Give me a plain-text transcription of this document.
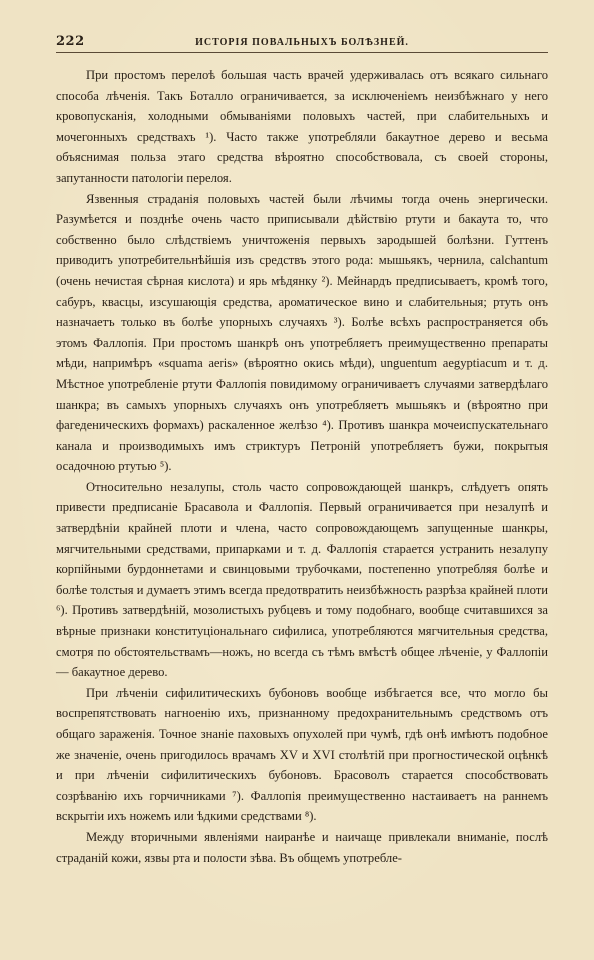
222	ИСТОРІЯ ПОВАЛЬНЫХЪ БОЛѢЗНЕЙ.

При простомъ перелоѣ большая часть врачей удерживалась отъ всякаго сильнаго способа лѣченія. Такъ Боталло ограничивается, за исключеніемъ неизбѣжнаго у него кровопусканія, холодными обмываніями половыхъ частей, при слабительныхъ и мочегонныхъ средствахъ ¹). Часто также употребляли бакаутное дерево и весьма объяснимая польза этаго средства вѣроятно способствовала, съ своей стороны, запутанности патологіи перелоя.

Язвенныя страданія половыхъ частей были лѣчимы тогда очень энергически. Разумѣется и позднѣе очень часто приписывали дѣйствію ртути и бакаута то, что собственно было слѣдствіемъ уничтоженія первыхъ зародышей болѣзни. Гуттенъ приводитъ употребительнѣйшія изъ средствъ этого рода: мышьякъ, чернила, calchantum (очень нечистая сѣрная кислота) и ярь мѣдянку ²). Мейнардъ предписываетъ, кромѣ того, сабуръ, квасцы, изсушающія средства, ароматическое вино и слабительныя; ртуть онъ назначаетъ только въ болѣе упорныхъ случаяхъ ³). Болѣе всѣхъ распространяется объ этомъ Фаллопія. При простомъ шанкрѣ онъ употребляетъ преимущественно препараты мѣди, напримѣръ «squama aeris» (вѣроятно окись мѣди), unguentum aegyptiacum и т. д. Мѣстное употребленіе ртути Фаллопія повидимому ограничиваетъ случаями затвердѣлаго шанкра; въ самыхъ упорныхъ случаяхъ онъ употребляетъ мышьякъ и (вѣроятно при фагеденическихъ формахъ) раскаленное желѣзо ⁴). Противъ шанкра мочеиспускательнаго канала и производимыхъ имъ стриктуръ Петроній употребляетъ бужи, покрытыя осадочною ртутью ⁵).

Относительно незалупы, столь часто сопровождающей шанкръ, слѣдуетъ опять привести предписаніе Брасавола и Фаллопія. Первый ограничивается при незалупѣ и затвердѣніи крайней плоти и члена, часто сопровождающемъ запущенные шанкры, мягчительными средствами, припарками и т. д. Фаллопія старается устранить незалупу корпійными бурдоннетами и свинцовыми трубочками, постепенно употребляя болѣе и болѣе толстыя и думаетъ этимъ всегда предотвратить неизбѣжность разрѣза крайней плоти ⁶). Противъ затвердѣній, мозолистыхъ рубцевъ и тому подобнаго, вообще считавшихся за вѣрные признаки конституціональнаго сифилиса, употребляются мягчительныя средства, смотря по обстоятельствамъ—ножъ, но всегда съ тѣмъ вмѣстѣ общее лѣченіе, у Фаллопіи — бакаутное дерево.

При лѣченіи сифилитическихъ бубоновъ вообще избѣгается все, что могло бы воспрепятствовать нагноенію ихъ, признанному предохранительнымъ средствомъ отъ общаго зараженія. Точное знаніе паховыхъ опухолей при чумѣ, гдѣ онѣ имѣютъ подобное же значеніе, очень пригодилось врачамъ XV и XVI столѣтій при прогностической оцѣнкѣ и при лѣченіи сифилитическихъ бубоновъ. Брасоволъ старается способствовать созрѣванію ихъ горчичниками ⁷). Фаллопія преимущественно настаиваетъ на раннемъ вскрытіи ихъ ножемъ или ѣдкими средствами ⁸).

Между вторичными явленіями наиранѣе и наичаще привлекали вниманіе, послѣ страданій кожи, язвы рта и полости зѣва. Въ общемъ употребле-
